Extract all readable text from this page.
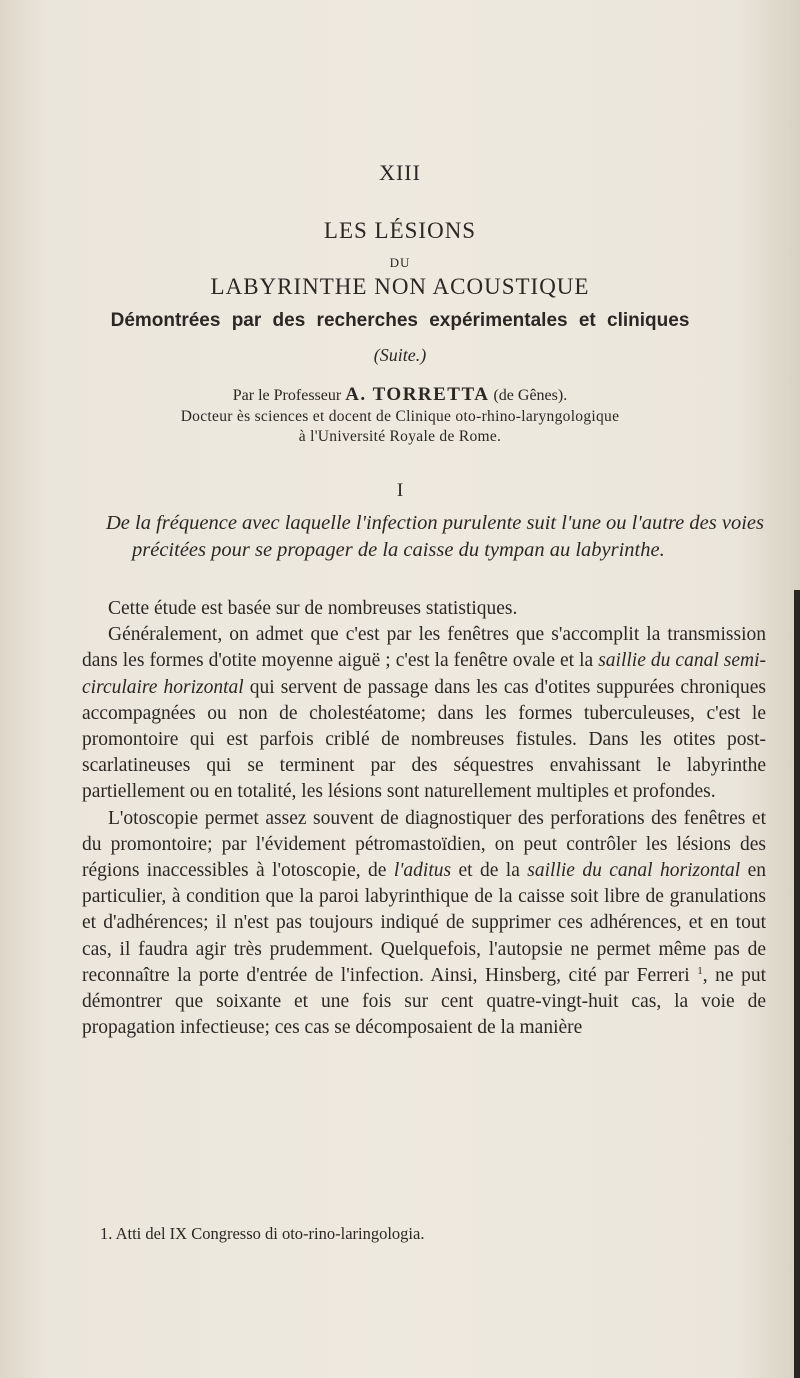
XIII
LES LÉSIONS
DU
LABYRINTHE NON ACOUSTIQUE
Démontrées par des recherches expérimentales et cliniques
(Suite.)
Par le Professeur A. TORRETTA (de Gênes).
Docteur ès sciences et docent de Clinique oto-rhino-laryngologique
à l'Université Royale de Rome.
I
De la fréquence avec laquelle l'infection purulente suit l'une ou l'autre des voies précitées pour se propager de la caisse du tympan au labyrinthe.

Cette étude est basée sur de nombreuses statistiques.

Généralement, on admet que c'est par les fenêtres que s'accomplit la transmission dans les formes d'otite moyenne aiguë ; c'est la fenêtre ovale et la saillie du canal semi-circulaire horizontal qui servent de passage dans les cas d'otites suppurées chroniques accompagnées ou non de cholestéatome; dans les formes tuberculeuses, c'est le promontoire qui est parfois criblé de nombreuses fistules. Dans les otites post-scarlatineuses qui se terminent par des séquestres envahissant le labyrinthe partiellement ou en totalité, les lésions sont naturellement multiples et profondes.

L'otoscopie permet assez souvent de diagnostiquer des perforations des fenêtres et du promontoire; par l'évidement pétromastoïdien, on peut contrôler les lésions des régions inaccessibles à l'otoscopie, de l'aditus et de la saillie du canal horizontal en particulier, à condition que la paroi labyrinthique de la caisse soit libre de granulations et d'adhérences; il n'est pas toujours indiqué de supprimer ces adhérences, et en tout cas, il faudra agir très prudemment. Quelquefois, l'autopsie ne permet même pas de reconnaître la porte d'entrée de l'infection. Ainsi, Hinsberg, cité par Ferreri $^1$, ne put démontrer que soixante et une fois sur cent quatre-vingt-huit cas, la voie de propagation infectieuse; ces cas se décomposaient de la manière

1. Atti del IX Congresso di oto-rino-laringologia.
